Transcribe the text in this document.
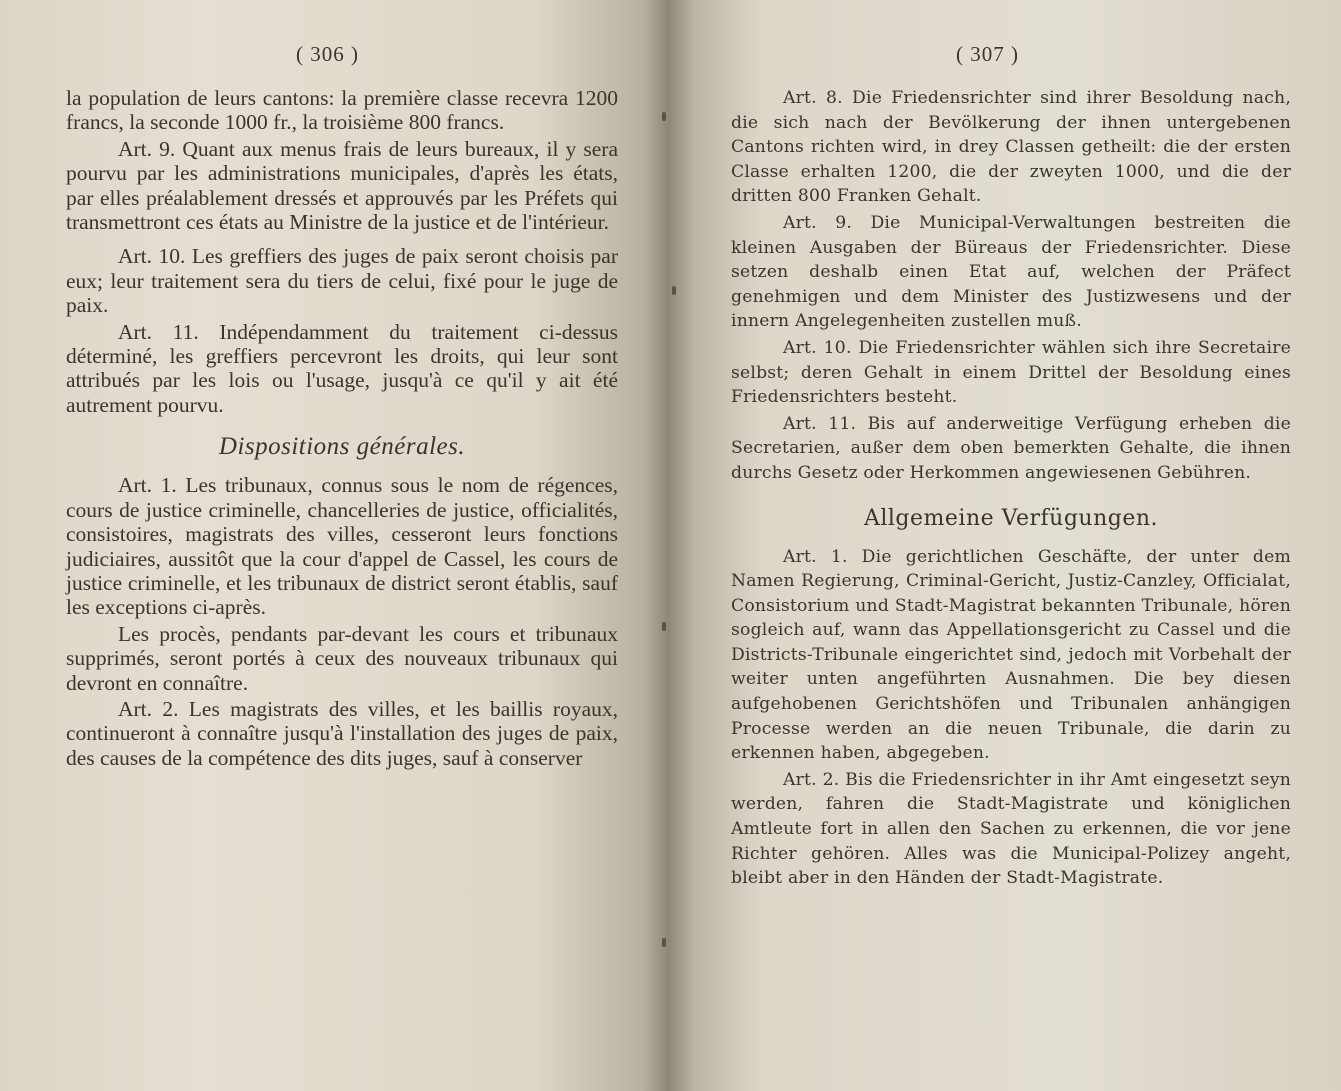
( 306 )

la population de leurs cantons: la première classe recevra 1200 francs, la seconde 1000 fr., la troisième 800 francs.

Art. 9. Quant aux menus frais de leurs bureaux, il y sera pourvu par les administrations municipales, d'après les états, par elles préalablement dressés et approuvés par les Préfets qui transmettront ces états au Ministre de la justice et de l'intérieur.

Art. 10. Les greffiers des juges de paix seront choisis par eux; leur traitement sera du tiers de celui, fixé pour le juge de paix.

Art. 11. Indépendamment du traitement ci-dessus déterminé, les greffiers percevront les droits, qui leur sont attribués par les lois ou l'usage, jusqu'à ce qu'il y ait été autrement pourvu.

Dispositions générales.

Art. 1. Les tribunaux, connus sous le nom de régences, cours de justice criminelle, chancelleries de justice, officialités, consistoires, magistrats des villes, cesseront leurs fonctions judiciaires, aussitôt que la cour d'appel de Cassel, les cours de justice criminelle, et les tribunaux de district seront établis, sauf les exceptions ci-après.

Les procès, pendants par-devant les cours et tribunaux supprimés, seront portés à ceux des nouveaux tribunaux qui devront en connaître.

Art. 2. Les magistrats des villes, et les baillis royaux, continueront à connaître jusqu'à l'installation des juges de paix, des causes de la compétence des dits juges, sauf à conserver

( 307 )

Art. 8. Die Friedensrichter sind ihrer Besoldung nach, die sich nach der Bevölkerung der ihnen untergebenen Cantons richten wird, in drey Classen getheilt: die der ersten Classe erhalten 1200, die der zweyten 1000, und die der dritten 800 Franken Gehalt.

Art. 9. Die Municipal-Verwaltungen bestreiten die kleinen Ausgaben der Büreaus der Friedensrichter. Diese setzen deshalb einen Etat auf, welchen der Präfect genehmigen und dem Minister des Justizwesens und der innern Angelegenheiten zustellen muß.

Art. 10. Die Friedensrichter wählen sich ihre Secretaire selbst; deren Gehalt in einem Drittel der Besoldung eines Friedensrichters besteht.

Art. 11. Bis auf anderweitige Verfügung erheben die Secretarien, außer dem oben bemerkten Gehalte, die ihnen durchs Gesetz oder Herkommen angewiesenen Gebühren.

Allgemeine Verfügungen.

Art. 1. Die gerichtlichen Geschäfte, der unter dem Namen Regierung, Criminal-Gericht, Justiz-Canzley, Officialat, Consistorium und Stadt-Magistrat bekannten Tribunale, hören sogleich auf, wann das Appellationsgericht zu Cassel und die Districts-Tribunale eingerichtet sind, jedoch mit Vorbehalt der weiter unten angeführten Ausnahmen. Die bey diesen aufgehobenen Gerichtshöfen und Tribunalen anhängigen Processe werden an die neuen Tribunale, die darin zu erkennen haben, abgegeben.

Art. 2. Bis die Friedensrichter in ihr Amt eingesetzt seyn werden, fahren die Stadt-Magistrate und königlichen Amtleute fort in allen den Sachen zu erkennen, die vor jene Richter gehören. Alles was die Municipal-Polizey angeht, bleibt aber in den Händen der Stadt-Magistrate.
